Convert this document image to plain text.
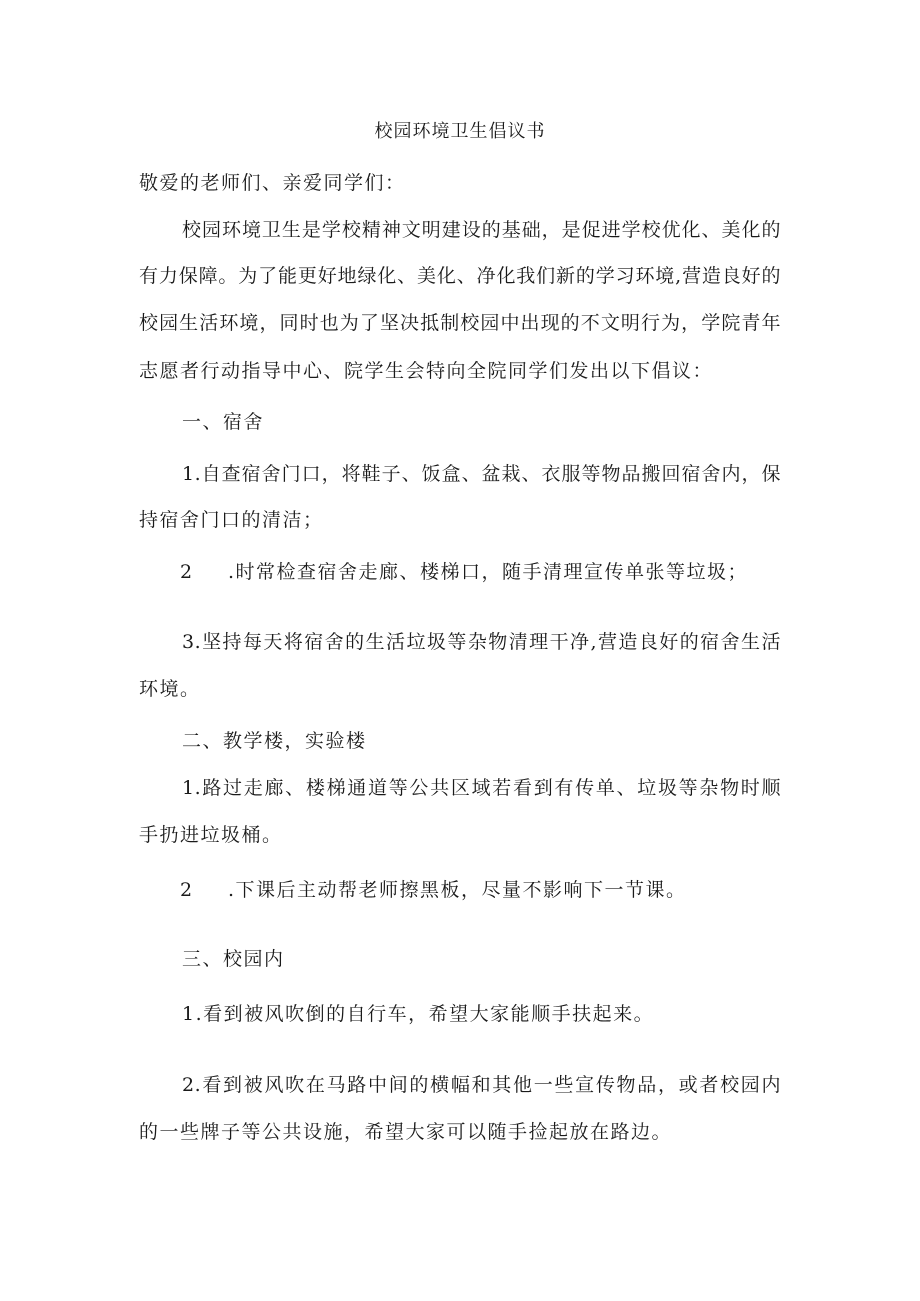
校园环境卫生倡议书
敬爱的老师们、亲爱同学们：
校园环境卫生是学校精神文明建设的基础，是促进学校优化、美化的
有力保障。为了能更好地绿化、美化、净化我们新的学习环境,营造良好的
校园生活环境，同时也为了坚决抵制校园中出现的不文明行为，学院青年
志愿者行动指导中心、院学生会特向全院同学们发出以下倡议：
一、宿舍
1.自查宿舍门口，将鞋子、饭盒、盆栽、衣服等物品搬回宿舍内，保
持宿舍门口的清洁；
2 .时常检查宿舍走廊、楼梯口，随手清理宣传单张等垃圾；
3.坚持每天将宿舍的生活垃圾等杂物清理干净,营造良好的宿舍生活
环境。
二、教学楼，实验楼
1.路过走廊、楼梯通道等公共区域若看到有传单、垃圾等杂物时顺
手扔进垃圾桶。
2 .下课后主动帮老师擦黑板，尽量不影响下一节课。
三、校园内
1.看到被风吹倒的自行车，希望大家能顺手扶起来。
2.看到被风吹在马路中间的横幅和其他一些宣传物品，或者校园内
的一些牌子等公共设施，希望大家可以随手捡起放在路边。
